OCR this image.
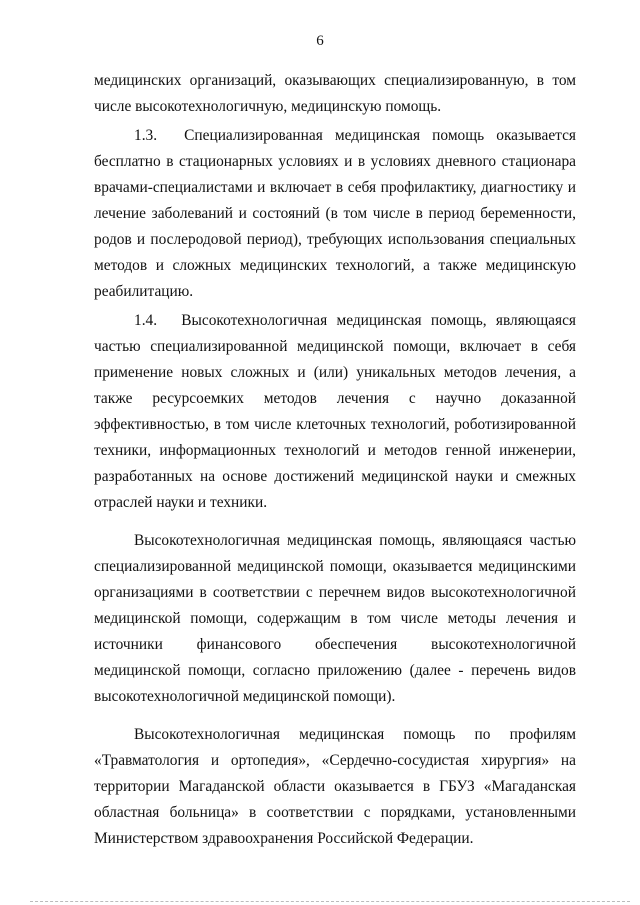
6

медицинских организаций, оказывающих специализированную, в том числе высокотехнологичную, медицинскую помощь.

1.3. Специализированная медицинская помощь оказывается бесплатно в стационарных условиях и в условиях дневного стационара врачами-специалистами и включает в себя профилактику, диагностику и лечение заболеваний и состояний (в том числе в период беременности, родов и послеродовой период), требующих использования специальных методов и сложных медицинских технологий, а также медицинскую реабилитацию.

1.4. Высокотехнологичная медицинская помощь, являющаяся частью специализированной медицинской помощи, включает в себя применение новых сложных и (или) уникальных методов лечения, а также ресурсоемких методов лечения с научно доказанной эффективностью, в том числе клеточных технологий, роботизированной техники, информационных технологий и методов генной инженерии, разработанных на основе достижений медицинской науки и смежных отраслей науки и техники.

Высокотехнологичная медицинская помощь, являющаяся частью специализированной медицинской помощи, оказывается медицинскими организациями в соответствии с перечнем видов высокотехнологичной медицинской помощи, содержащим в том числе методы лечения и источники финансового обеспечения высокотехнологичной медицинской помощи, согласно приложению (далее - перечень видов высокотехнологичной медицинской помощи).

Высокотехнологичная медицинская помощь по профилям «Травматология и ортопедия», «Сердечно-сосудистая хирургия» на территории Магаданской области оказывается в ГБУЗ «Магаданская областная больница» в соответствии с порядками, установленными Министерством здравоохранения Российской Федерации.
